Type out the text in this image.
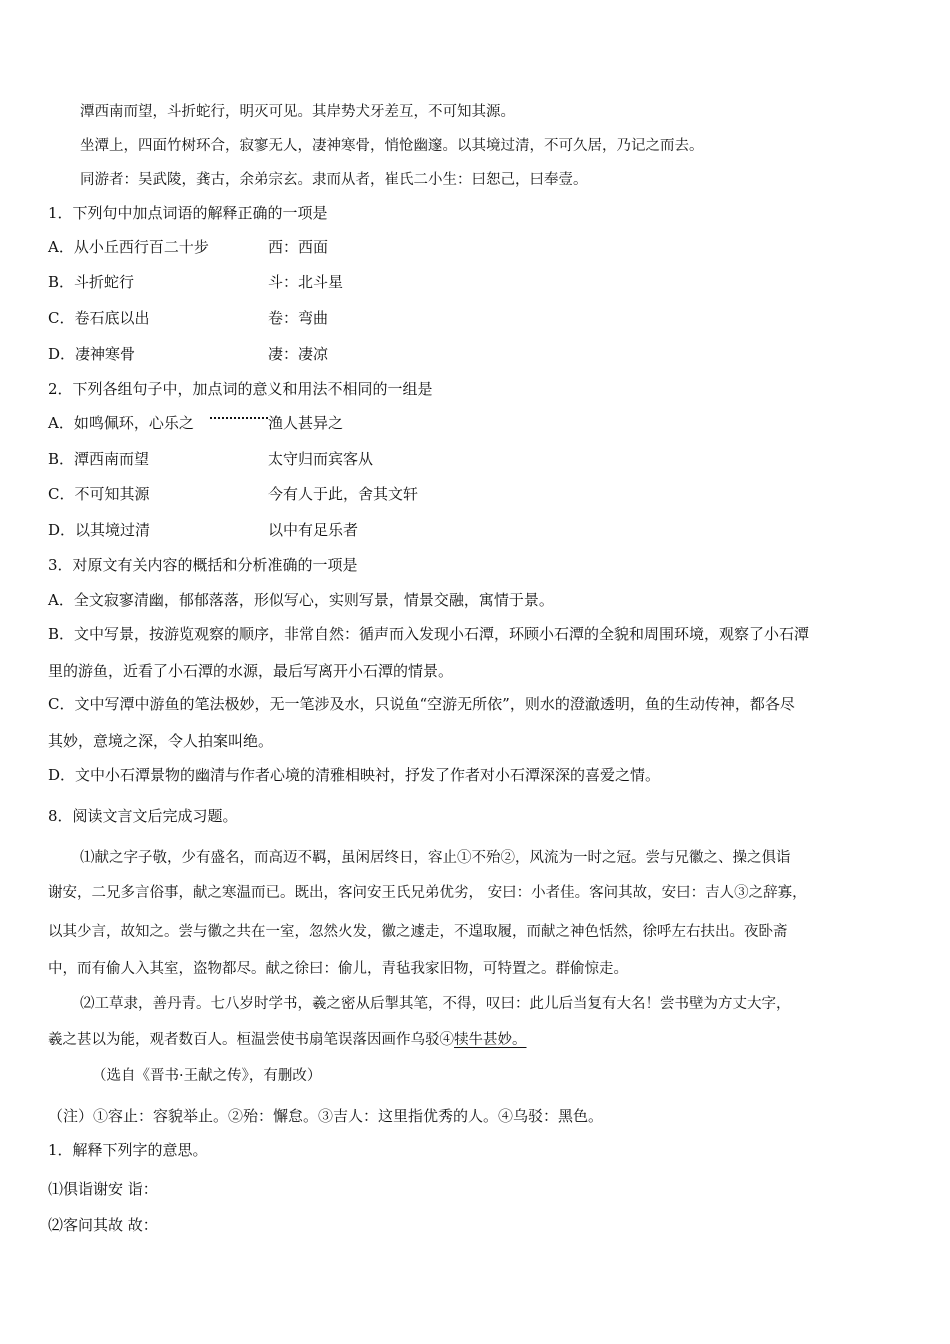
潭西南而望，斗折蛇行，明灭可见。其岸势犬牙差互，不可知其源。
坐潭上，四面竹树环合，寂寥无人，凄神寒骨，悄怆幽邃。以其境过清，不可久居，乃记之而去。
同游者：吴武陵，龚古，余弟宗玄。隶而从者，崔氏二小生：曰恕己，曰奉壹。
1．下列句中加点词语的解释正确的一项是
A．从小丘西行百二十步	西：西面
B．斗折蛇行	斗：北斗星
C．卷石底以出	卷：弯曲
D．凄神寒骨	凄：凄凉
2．下列各组句子中，加点词的意义和用法不相同的一组是
A．如鸣佩环，心乐之	渔人甚异之
B．潭西南而望	太守归而宾客从
C．不可知其源	今有人于此，舍其文轩
D．以其境过清	以中有足乐者
3．对原文有关内容的概括和分析准确的一项是
A．全文寂寥清幽，郁郁落落，形似写心，实则写景，情景交融，寓情于景。
B．文中写景，按游览观察的顺序，非常自然：循声而入发现小石潭，环顾小石潭的全貌和周围环境，观察了小石潭
里的游鱼，近看了小石潭的水源，最后写离开小石潭的情景。
C．文中写潭中游鱼的笔法极妙，无一笔涉及水，只说鱼“空游无所依”，则水的澄澈透明，鱼的生动传神，都各尽
其妙，意境之深，令人拍案叫绝。
D．文中小石潭景物的幽清与作者心境的清雅相映衬，抒发了作者对小石潭深深的喜爱之情。
8．阅读文言文后完成习题。
⑴献之字子敬，少有盛名，而高迈不羁，虽闲居终日，容止①不殆②，风流为一时之冠。尝与兄徽之、操之俱诣
谢安，二兄多言俗事，献之寒温而已。既出，客问安王氏兄弟优劣， 安曰：小者佳。客问其故，安曰：吉人③之辞寡，
以其少言，故知之。尝与徽之共在一室，忽然火发，徽之遽走，不遑取履，而献之神色恬然，徐呼左右扶出。夜卧斋
中，而有偷人入其室，盗物都尽。献之徐曰：偷儿，青毡我家旧物，可特置之。群偷惊走。
⑵工草隶，善丹青。七八岁时学书，羲之密从后掣其笔，不得，叹曰：此儿后当复有大名！尝书壁为方丈大字，
羲之甚以为能，观者数百人。桓温尝使书扇笔误落因画作乌驳④犊牛甚妙。
（选自《晋书·王献之传》，有删改）
（注）①容止：容貌举止。②殆：懈怠。③吉人：这里指优秀的人。④乌驳：黑色。
1．解释下列字的意思。
⑴俱诣谢安 诣：
⑵客问其故 故：
